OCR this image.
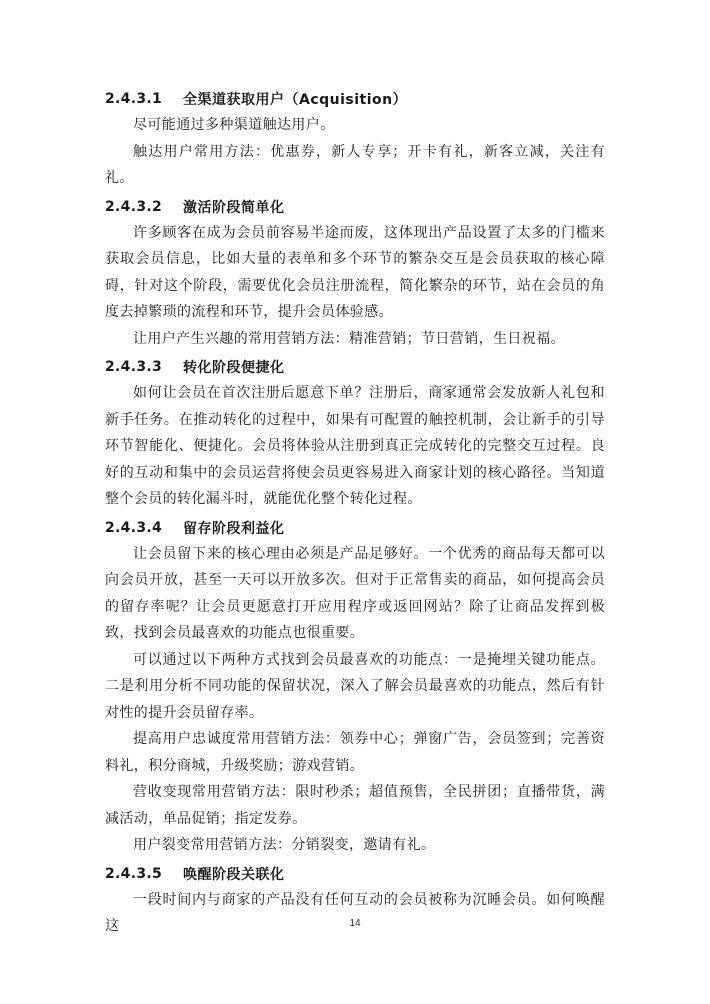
2.4.3.1	全渠道获取用户（Acquisition）

尽可能通过多种渠道触达用户。

触达用户常用方法：优惠券，新人专享；开卡有礼，新客立减，关注有礼。

2.4.3.2	激活阶段简单化

许多顾客在成为会员前容易半途而废，这体现出产品设置了太多的门槛来获取会员信息，比如大量的表单和多个环节的繁杂交互是会员获取的核心障碍，针对这个阶段，需要优化会员注册流程，简化繁杂的环节，站在会员的角度去掉繁琐的流程和环节，提升会员体验感。

让用户产生兴趣的常用营销方法：精准营销；节日营销，生日祝福。

2.4.3.3	转化阶段便捷化

如何让会员在首次注册后愿意下单？注册后，商家通常会发放新人礼包和新手任务。在推动转化的过程中，如果有可配置的触控机制，会让新手的引导环节智能化、便捷化。会员将体验从注册到真正完成转化的完整交互过程。良好的互动和集中的会员运营将使会员更容易进入商家计划的核心路径。当知道整个会员的转化漏斗时，就能优化整个转化过程。

2.4.3.4	留存阶段利益化

让会员留下来的核心理由必须是产品足够好。一个优秀的商品每天都可以向会员开放，甚至一天可以开放多次。但对于正常售卖的商品，如何提高会员的留存率呢？让会员更愿意打开应用程序或返回网站？除了让商品发挥到极致，找到会员最喜欢的功能点也很重要。

可以通过以下两种方式找到会员最喜欢的功能点：一是掩埋关键功能点。二是利用分析不同功能的保留状况，深入了解会员最喜欢的功能点，然后有针对性的提升会员留存率。

提高用户忠诚度常用营销方法：领券中心；弹窗广告，会员签到；完善资料礼，积分商城，升级奖励；游戏营销。

营收变现常用营销方法：限时秒杀；超值预售，全民拼团；直播带货，满减活动，单品促销；指定发券。

用户裂变常用营销方法：分销裂变，邀请有礼。

2.4.3.5	唤醒阶段关联化

一段时间内与商家的产品没有任何互动的会员被称为沉睡会员。如何唤醒这	14
